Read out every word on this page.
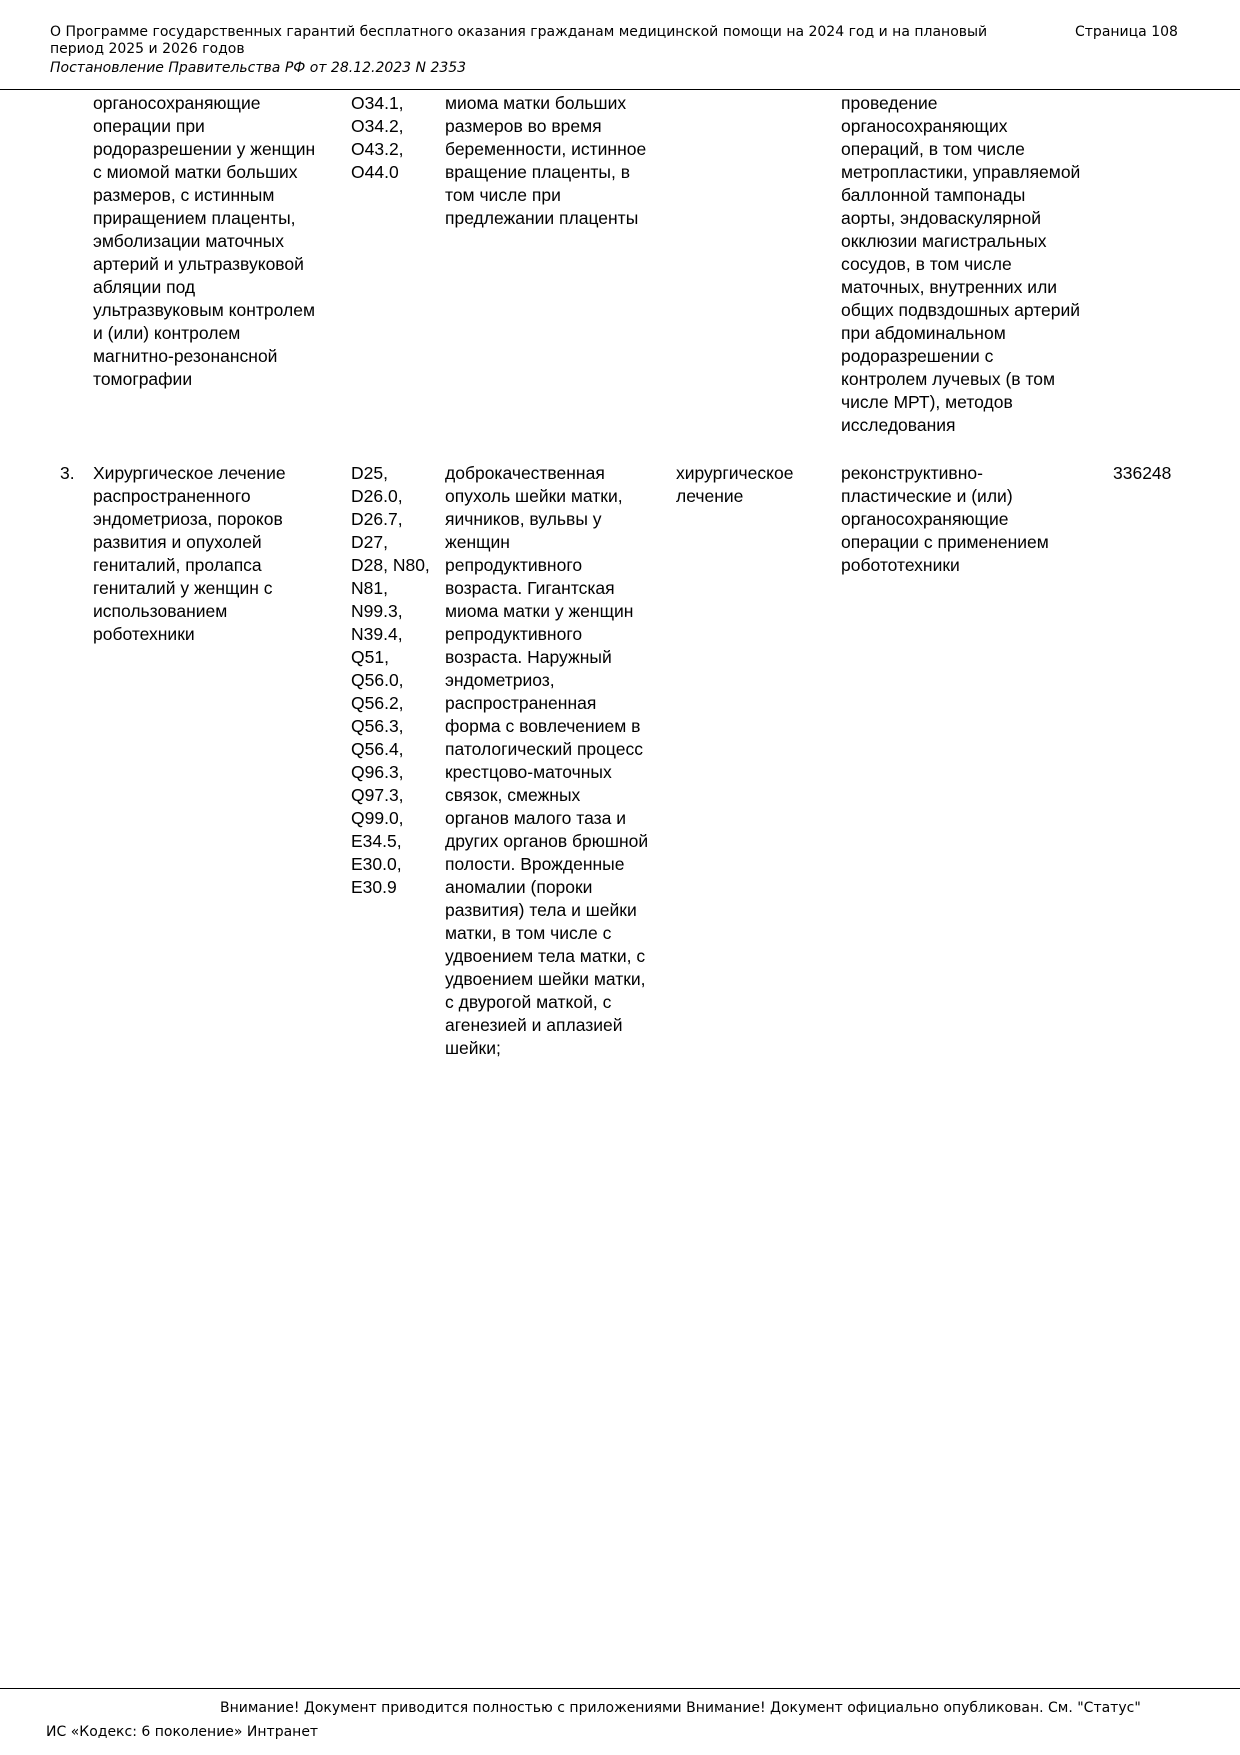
О Программе государственных гарантий бесплатного оказания гражданам медицинской помощи на 2024 год и на плановый период 2025 и 2026 годов
Страница 108
Постановление Правительства РФ от 28.12.2023 N 2353
органосохраняющие
операции при
родоразрешении у женщин
с миомой матки больших
размеров, с истинным
приращением плаценты,
эмболизации маточных
артерий и ультразвуковой
абляции под
ультразвуковым контролем
и (или) контролем
магнитно-резонансной
томографии
O34.1,
O34.2,
O43.2,
O44.0
миома матки больших
размеров во время
беременности, истинное
вращение плаценты, в
том числе при
предлежании плаценты
проведение
органосохраняющих
операций, в том числе
метропластики, управляемой
баллонной тампонады
аорты, эндоваскулярной
окклюзии магистральных
сосудов, в том числе
маточных, внутренних или
общих подвздошных артерий
при абдоминальном
родоразрешении с
контролем лучевых (в том
числе МРТ), методов
исследования
3.	Хирургическое лечение
распространенного
эндометриоза, пороков
развития и опухолей
гениталий, пролапса
гениталий у женщин с
использованием
роботехники
D25,
D26.0,
D26.7,
D27,
D28, N80,
N81,
N99.3,
N39.4,
Q51,
Q56.0,
Q56.2,
Q56.3,
Q56.4,
Q96.3,
Q97.3,
Q99.0,
E34.5,
E30.0,
E30.9
доброкачественная
опухоль шейки матки,
яичников, вульвы у
женщин
репродуктивного
возраста. Гигантская
миома матки у женщин
репродуктивного
возраста. Наружный
эндометриоз,
распространенная
форма с вовлечением в
патологический процесс
крестцово-маточных
связок, смежных
органов малого таза и
других органов брюшной
полости. Врожденные
аномалии (пороки
развития) тела и шейки
матки, в том числе с
удвоением тела матки, с
удвоением шейки матки,
с двурогой маткой, с
агенезией и аплазией
шейки;
хирургическое
лечение
реконструктивно-
пластические и (или)
органосохраняющие
операции с применением
робототехники
336248
Внимание! Документ приводится полностью с приложениями Внимание! Документ официально опубликован. См. "Статус"
ИС «Кодекс: 6 поколение» Интранет
